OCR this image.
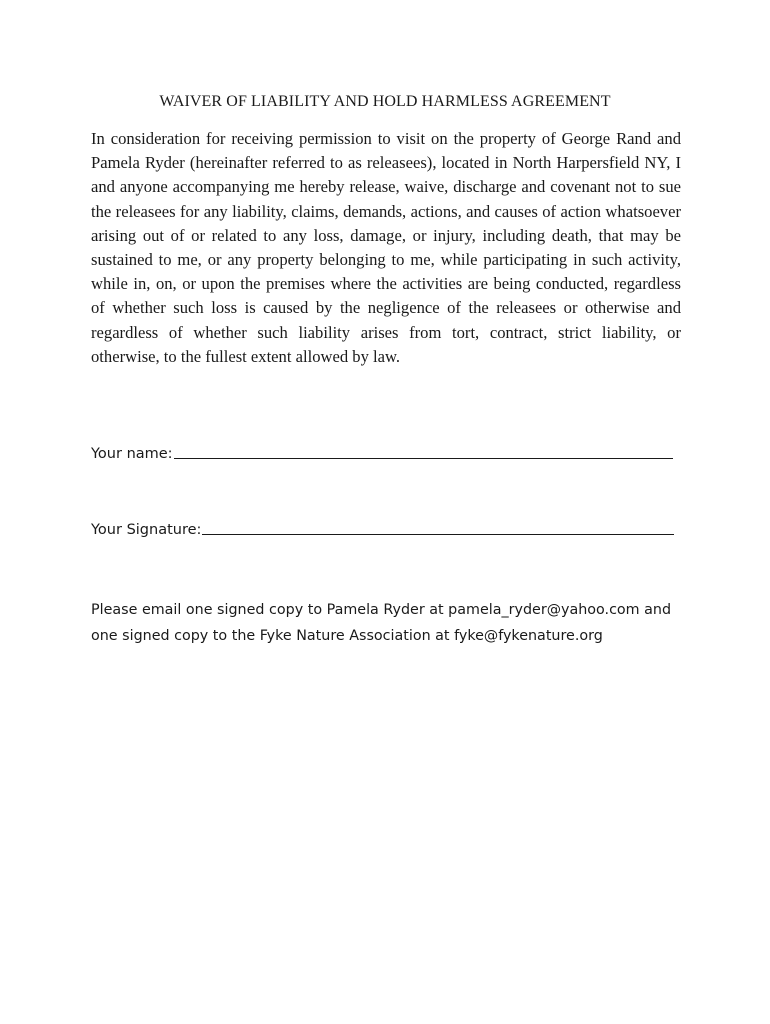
WAIVER OF LIABILITY AND HOLD HARMLESS AGREEMENT

In consideration for receiving permission to visit on the property of George Rand and Pamela Ryder (hereinafter referred to as releasees), located in North Harpersfield NY, I and anyone accompanying me hereby release, waive, discharge and covenant not to sue the releasees for any liability, claims, demands, actions, and causes of action whatsoever arising out of or related to any loss, damage, or injury, including death, that may be sustained to me, or any property belonging to me, while participating in such activity, while in, on, or upon the premises where the activities are being conducted, regardless of whether such loss is caused by the negligence of the releasees or otherwise and regardless of whether such liability arises from tort, contract, strict liability, or otherwise, to the fullest extent allowed by law.

Your name:
Your Signature:

Please email one signed copy to Pamela Ryder at pamela_ryder@yahoo.com and
one signed copy to the Fyke Nature Association at fyke@fykenature.org
